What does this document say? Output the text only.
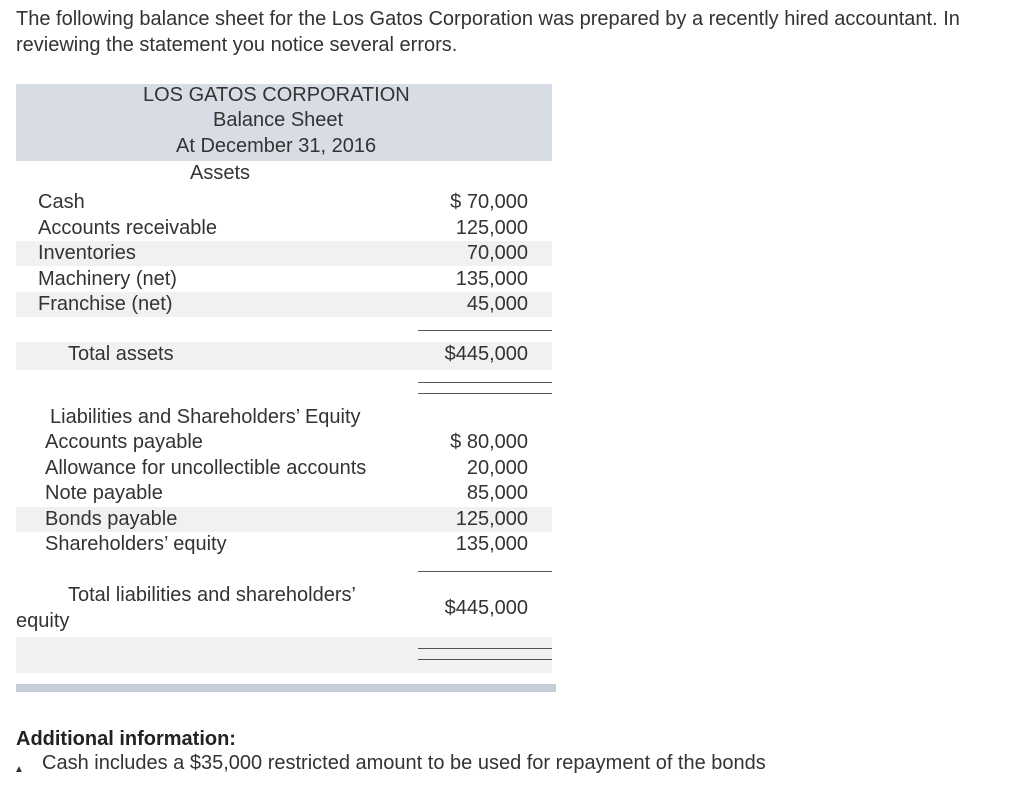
The following balance sheet for the Los Gatos Corporation was prepared by a recently hired accountant. In reviewing the statement you notice several errors.
LOS GATOS CORPORATION
Balance Sheet
At December 31, 2016
Assets
Cash	$ 70,000
Accounts receivable	125,000
Inventories	70,000
Machinery (net)	135,000
Franchise (net)	45,000
Total assets	$445,000
Liabilities and Shareholders’ Equity
Accounts payable	$ 80,000
Allowance for uncollectible accounts	20,000
Note payable	85,000
Bonds payable	125,000
Shareholders’ equity	135,000
Total liabilities and shareholders’
equity
$445,000
Additional information:
▲ Cash includes a $35,000 restricted amount to be used for repayment of the bonds
